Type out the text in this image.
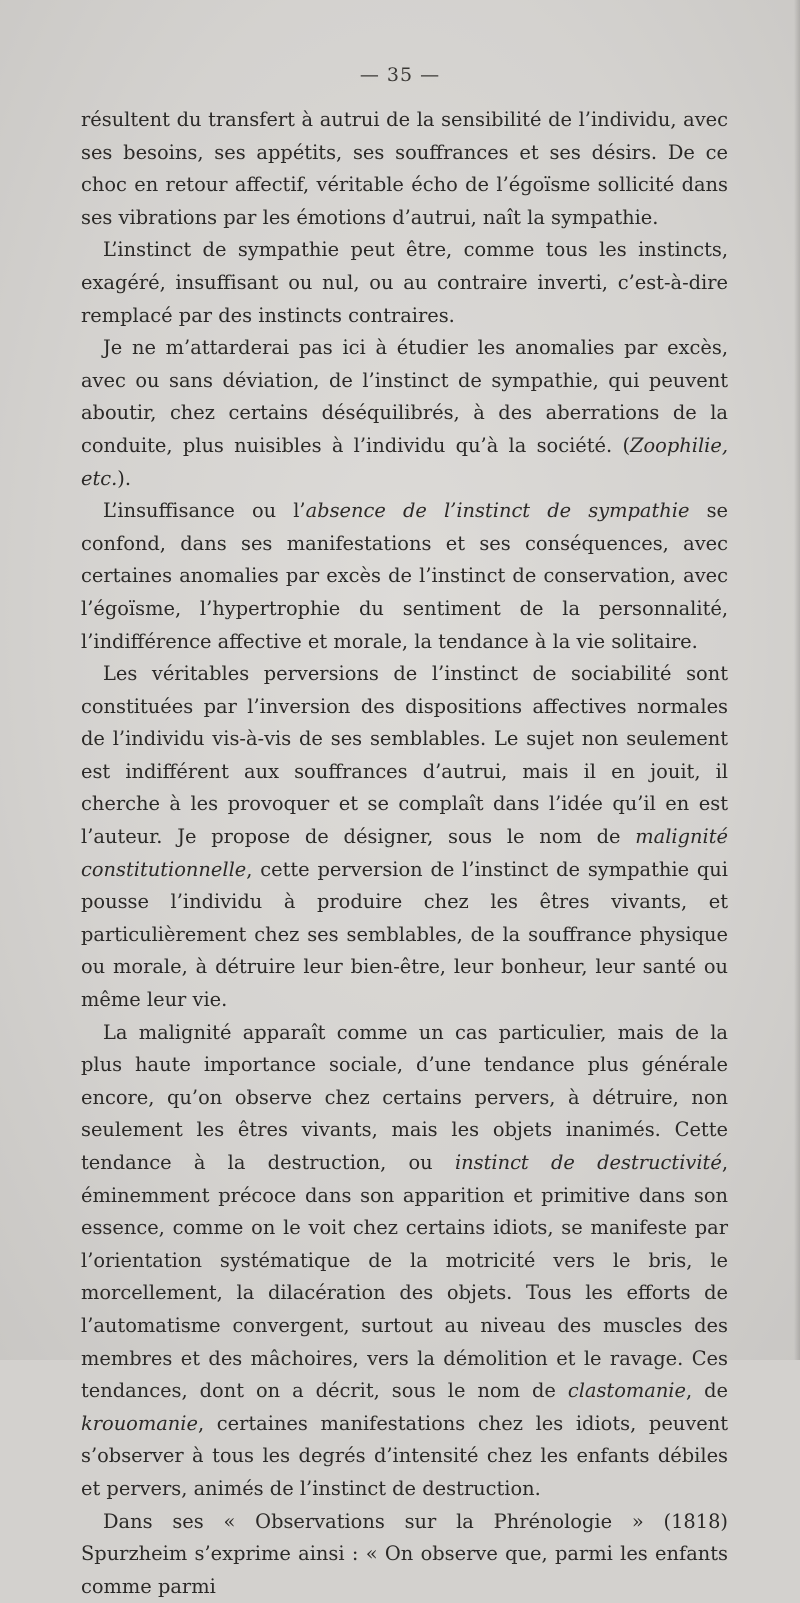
— 35 —

résultent du transfert à autrui de la sensibilité de l’individu, avec ses besoins, ses appétits, ses souffrances et ses désirs. De ce choc en retour affectif, véritable écho de l’égoïsme sollicité dans ses vibrations par les émotions d’autrui, naît la sympathie.

L’instinct de sympathie peut être, comme tous les instincts, exagéré, insuffisant ou nul, ou au contraire inverti, c’est-à-dire remplacé par des instincts contraires.

Je ne m’attarderai pas ici à étudier les anomalies par excès, avec ou sans déviation, de l’instinct de sympathie, qui peuvent aboutir, chez certains déséquilibrés, à des aberrations de la conduite, plus nuisibles à l’individu qu’à la société. (Zoophilie, etc.).

L’insuffisance ou l’absence de l’instinct de sympathie se confond, dans ses manifestations et ses conséquences, avec certaines anomalies par excès de l’instinct de conservation, avec l’égoïsme, l’hypertrophie du sentiment de la personnalité, l’indifférence affective et morale, la tendance à la vie solitaire.

Les véritables perversions de l’instinct de sociabilité sont constituées par l’inversion des dispositions affectives normales de l’individu vis-à-vis de ses semblables. Le sujet non seulement est indifférent aux souffrances d’autrui, mais il en jouit, il cherche à les provoquer et se complaît dans l’idée qu’il en est l’auteur. Je propose de désigner, sous le nom de malignité constitutionnelle, cette perversion de l’instinct de sympathie qui pousse l’individu à produire chez les êtres vivants, et particulièrement chez ses semblables, de la souffrance physique ou morale, à détruire leur bien-être, leur bonheur, leur santé ou même leur vie.

La malignité apparaît comme un cas particulier, mais de la plus haute importance sociale, d’une tendance plus générale encore, qu’on observe chez certains pervers, à détruire, non seulement les êtres vivants, mais les objets inanimés. Cette tendance à la destruction, ou instinct de destructivité, éminemment précoce dans son apparition et primitive dans son essence, comme on le voit chez certains idiots, se manifeste par l’orientation systématique de la motricité vers le bris, le morcellement, la dilacération des objets. Tous les efforts de l’automatisme convergent, surtout au niveau des muscles des membres et des mâchoires, vers la démolition et le ravage. Ces tendances, dont on a décrit, sous le nom de clastomanie, de krouomanie, certaines manifestations chez les idiots, peuvent s’observer à tous les degrés d’intensité chez les enfants débiles et pervers, animés de l’instinct de destruction.

Dans ses « Observations sur la Phrénologie » (1818) Spurzheim s’exprime ainsi : « On observe que, parmi les enfants comme parmi
